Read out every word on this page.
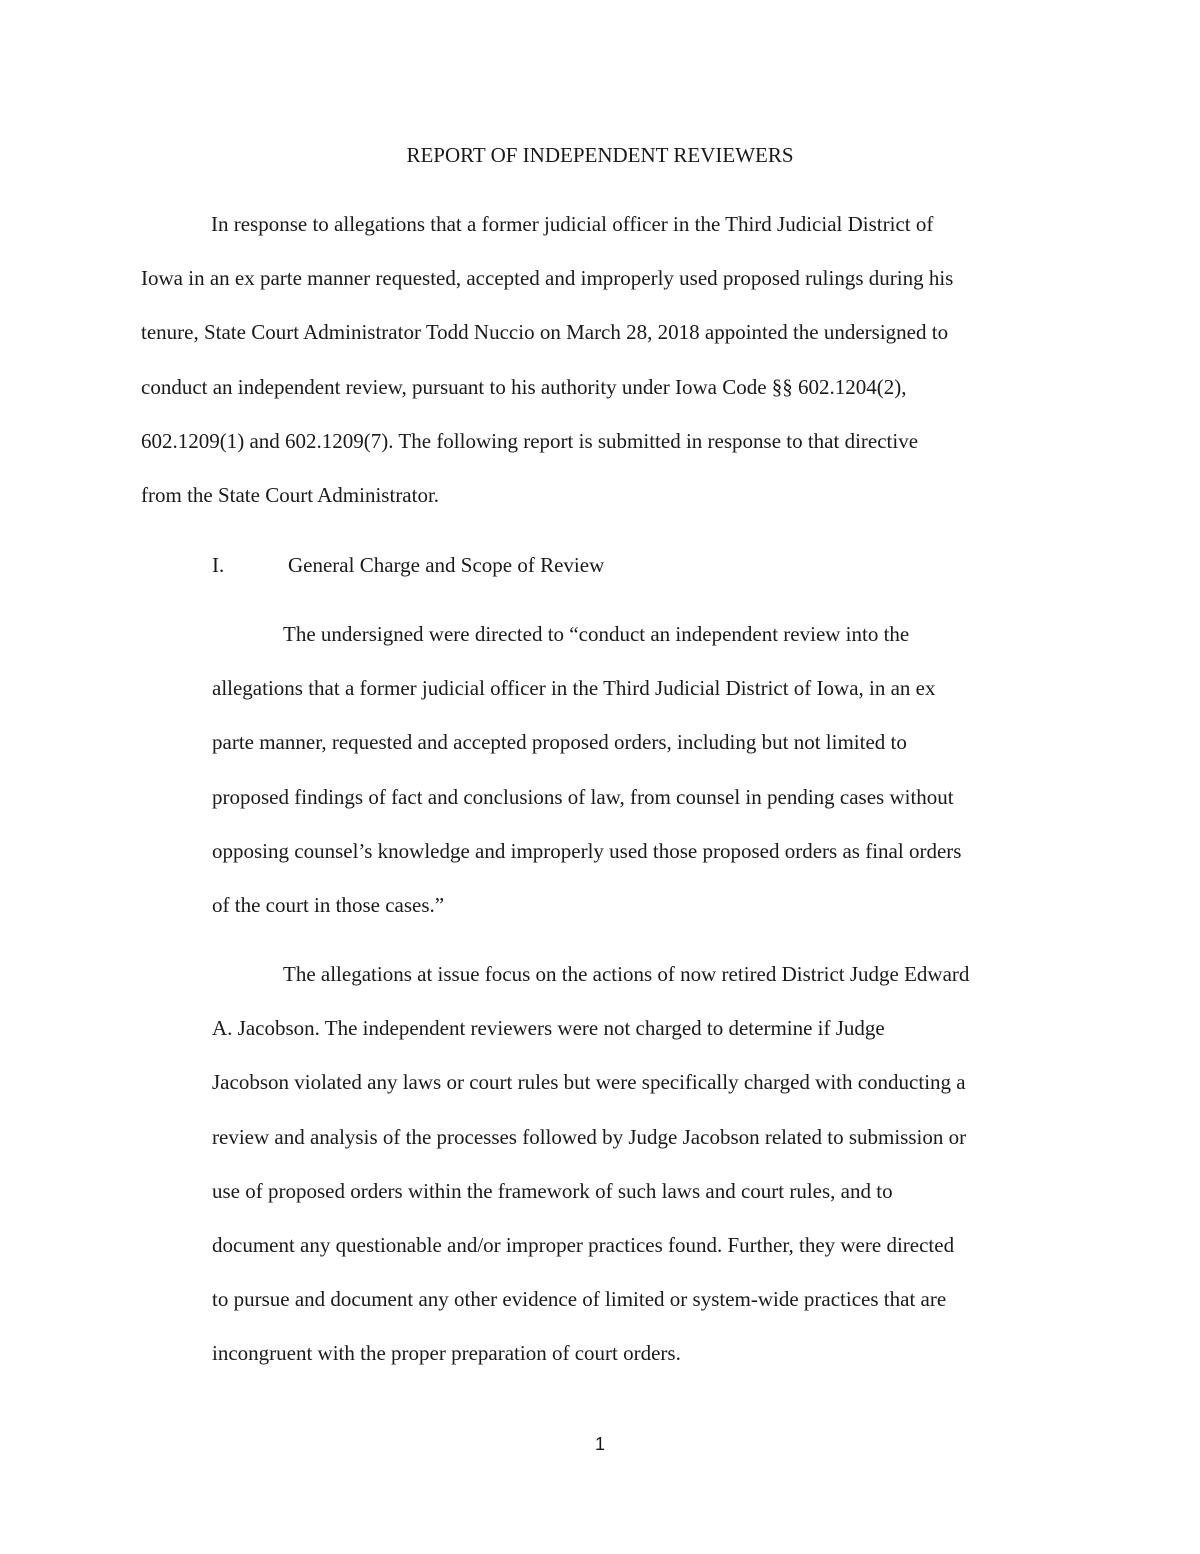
REPORT OF INDEPENDENT REVIEWERS
In response to allegations that a former judicial officer in the Third Judicial District of
Iowa in an ex parte manner requested, accepted and improperly used proposed rulings during his
tenure, State Court Administrator Todd Nuccio on March 28, 2018 appointed the undersigned to
conduct an independent review, pursuant to his authority under Iowa Code §§ 602.1204(2),
602.1209(1) and 602.1209(7). The following report is submitted in response to that directive
from the State Court Administrator.
I.	General Charge and Scope of Review
The undersigned were directed to “conduct an independent review into the
allegations that a former judicial officer in the Third Judicial District of Iowa, in an ex
parte manner, requested and accepted proposed orders, including but not limited to
proposed findings of fact and conclusions of law, from counsel in pending cases without
opposing counsel’s knowledge and improperly used those proposed orders as final orders
of the court in those cases.”
The allegations at issue focus on the actions of now retired District Judge Edward
A. Jacobson. The independent reviewers were not charged to determine if Judge
Jacobson violated any laws or court rules but were specifically charged with conducting a
review and analysis of the processes followed by Judge Jacobson related to submission or
use of proposed orders within the framework of such laws and court rules, and to
document any questionable and/or improper practices found. Further, they were directed
to pursue and document any other evidence of limited or system-wide practices that are
incongruent with the proper preparation of court orders.
1
